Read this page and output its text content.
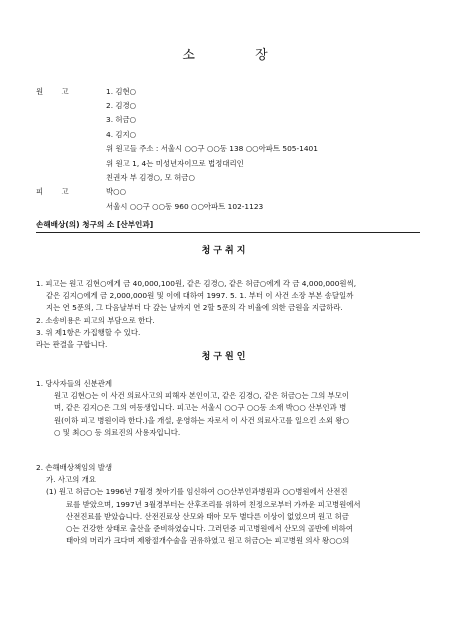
소 장
원 고	1. 김현○
2. 김경○
3. 허금○
4. 김지○
위 원고들 주소 : 서울시 ○○구 ○○동 138 ○○아파트 505-1401
위 원고 1, 4는 미성년자이므로 법정대리인
친권자 부 김경○, 모 허금○
피 고	박○○
서울시 ○○구 ○○동 960 ○○아파트 102-1123
손해배상(의) 청구의 소 [산부인과]
청구취지
1. 피고는 원고 김현○에게 금 40,000,100원, 같은 김경○, 같은 허금○에게 각 금 4,000,000원씩,
같은 김지○에게 금 2,000,000원 및 이에 대하여 1997. 5. 1. 부터 이 사건 소장 부본 송달일까
지는 연 5푼의, 그 다음날부터 다 갚는 날까지 연 2할 5푼의 각 비율에 의한 금원을 지급하라.
2. 소송비용은 피고의 부담으로 한다.
3. 위 제1항은 가집행할 수 있다.
라는 판결을 구합니다.
청구원인
1. 당사자들의 신분관계
원고 김현○는 이 사건 의료사고의 피해자 본인이고, 같은 김경○, 같은 허금○는 그의 부모이
며, 같은 김지○은 그의 여동생입니다. 피고는 서울시 ○○구 ○○동 소재 박○○ 산부인과 병
원(이하 피고 병원이라 한다.)을 개설, 운영하는 자로서 이 사건 의료사고를 일으킨 소외 왕○
○ 및 최○○ 등 의료진의 사용자입니다.
2. 손해배상책임의 발생
가. 사고의 개요
(1) 원고 허금○는 1996년 7월경 첫아기를 임신하여 ○○산부인과병원과 ○○병원에서 산전진
료를 받았으며, 1997년 3월경부터는 산후조리를 위하여 친정으로부터 가까운 피고병원에서
산전진료를 받았습니다. 산전진료상 산모와 태아 모두 별다른 이상이 없었으며 원고 허금
○는 건강한 상태로 출산을 준비하였습니다. 그러던중 피고병원에서 산모의 골반에 비하여
태아의 머리가 크다며 제왕절개수술을 권유하였고 원고 허금○는 피고병원 의사 왕○○의
